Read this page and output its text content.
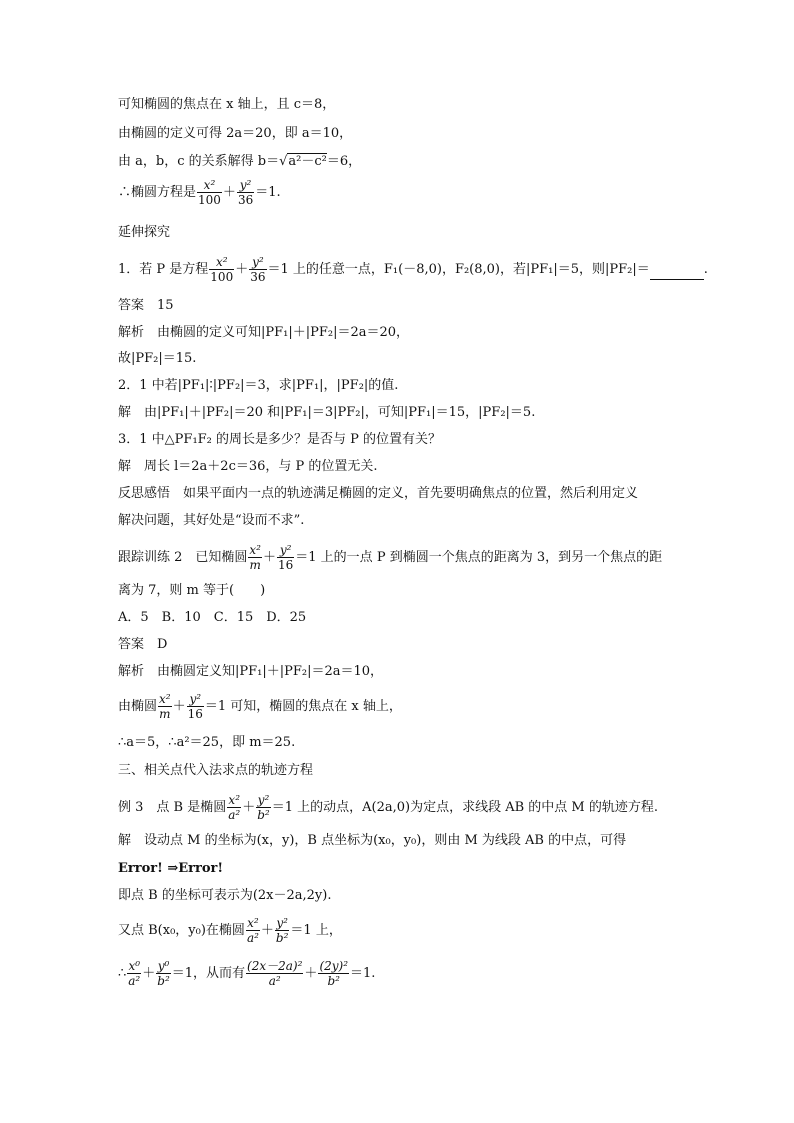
可知椭圆的焦点在 x 轴上，且 c＝8，
由椭圆的定义可得 2a＝20，即 a＝10，
由 a，b，c 的关系解得 b＝√a²－c²＝6，
∴椭圆方程是 $\frac{\text{x²}}{100} + \frac{\text{y²}}{36} =1$.
延伸探究
1．若 P 是方程 $\frac{\text{x²}}{100} + \frac{\text{y²}}{36} =1$ 上的任意一点，F₁(－8,0)，F₂(8,0)，若|PF₁|＝5，则|PF₂|＝	.
答案　15
解析　由椭圆的定义可知|PF₁|＋|PF₂|＝2a＝20，
故|PF₂|＝15.
2．1 中若|PF₁|∶|PF₂|＝3，求|PF₁|，|PF₂|的值.
解　由|PF₁|＋|PF₂|＝20 和|PF₁|＝3|PF₂|，可知|PF₁|＝15，|PF₂|＝5.
3．1 中△PF₁F₂ 的周长是多少？是否与 P 的位置有关？
解　周长 l＝2a＋2c＝36，与 P 的位置无关.
反思感悟　如果平面内一点的轨迹满足椭圆的定义，首先要明确焦点的位置，然后利用定义
解决问题，其好处是“设而不求”.
跟踪训练 2　已知椭圆 $\frac{\text{x²}}{m} + \frac{\text{y²}}{16} =1$ 上的一点 P 到椭圆一个焦点的距离为 3，到另一个焦点的距
离为 7，则 m 等于(　　)
A．5　B．10　C．15　D．25
答案　D
解析　由椭圆定义知|PF₁|＋|PF₂|＝2a＝10，
由椭圆 $\frac{\text{x²}}{m} + \frac{\text{y²}}{16} =1$ 可知，椭圆的焦点在 x 轴上，
∴a＝5，∴a²＝25，即 m＝25.
三、相关点代入法求点的轨迹方程
例 3　点 B 是椭圆 $\frac{\text{x²}}{\text{a²}} + \frac{\text{y²}}{\text{b²}} =1$ 上的动点，A(2a,0)为定点，求线段 AB 的中点 M 的轨迹方程.
解　设动点 M 的坐标为(x，y)，B 点坐标为(x₀，y₀)，则由 M 为线段 AB 的中点，可得
Error! ⇒Error!
即点 B 的坐标可表示为(2x－2a,2y).
又点 B(x₀，y₀)在椭圆 $\frac{\text{x²}}{\text{a²}} + \frac{\text{y²}}{\text{b²}} =1$ 上，
∴ $\frac{\text{x⁰}}{\text{a²}} + \frac{\text{y⁰}}{\text{b²}} =1$，从而有 $\frac{\text{(2x－2a)²}}{\text{a²}} + \frac{\text{(2y)²}}{\text{b²}} =1$.
